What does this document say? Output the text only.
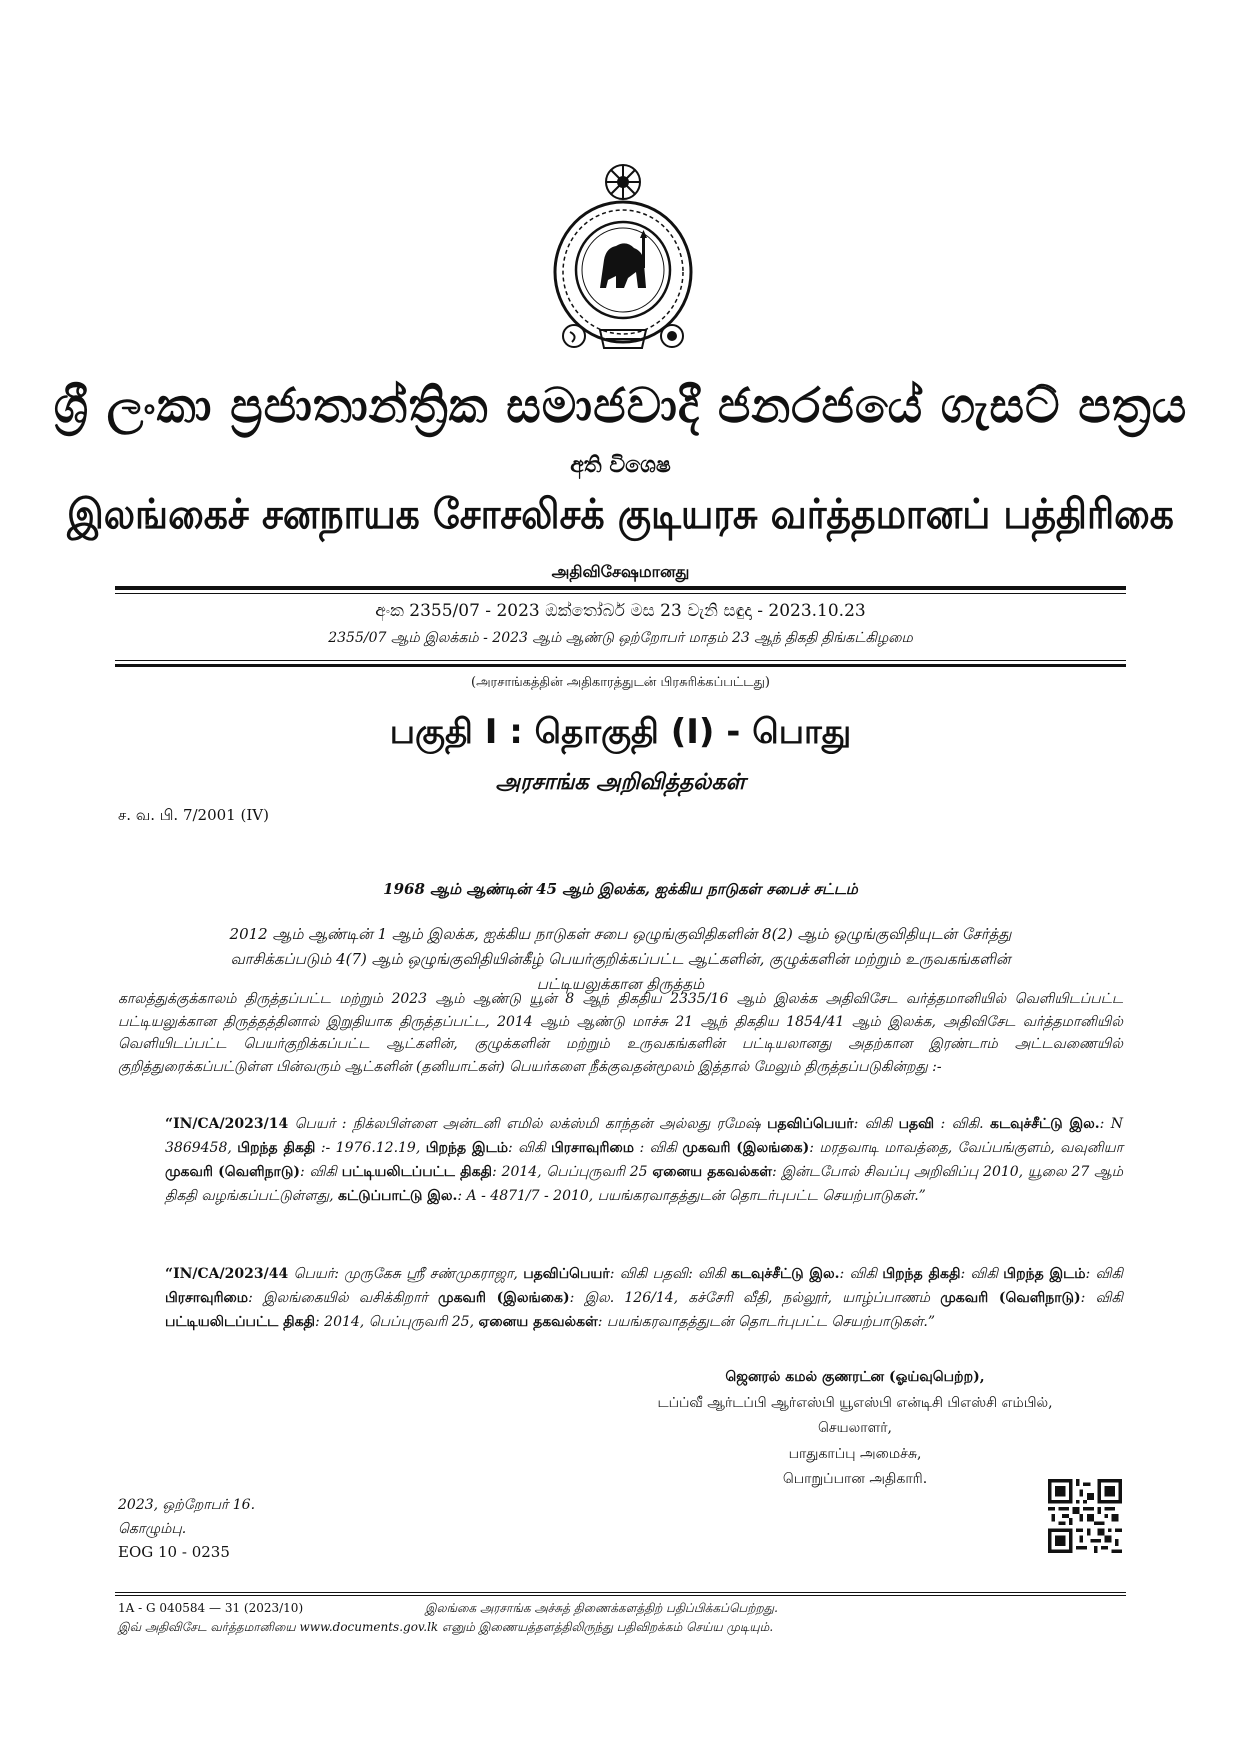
ශ්‍රී ලංකා ප්‍රජාතාන්ත්‍රික සමාජවාදී ජනරජයේ ගැසට් පත්‍රය
අති විශෙෂ
இலங்கைச் சனநாயக சோசலிசக் குடியரசு வர்த்தமானப் பத்திரிகை
அதிவிசேஷமானது
අංක 2355/07 - 2023 ඔක්තෝබර් මස 23 වැනි සඳුදා - 2023.10.23
2355/07 ஆம் இலக்கம் - 2023 ஆம் ஆண்டு ஒற்றோபர் மாதம் 23 ஆந் திகதி திங்கட்கிழமை
(அரசாங்கத்தின் அதிகாரத்துடன் பிரசுரிக்கப்பட்டது)
பகுதி I : தொகுதி (I) - பொது
அரசாங்க அறிவித்தல்கள்
ச. வ. பி. 7/2001 (IV)
1968 ஆம் ஆண்டின் 45 ஆம் இலக்க, ஐக்கிய நாடுகள் சபைச் சட்டம்
2012 ஆம் ஆண்டின் 1 ஆம் இலக்க, ஐக்கிய நாடுகள் சபை ஒழுங்குவிதிகளின் 8(2) ஆம் ஒழுங்குவிதியுடன் சேர்த்து வாசிக்கப்படும் 4(7) ஆம் ஒழுங்குவிதியின்கீழ் பெயர்குறிக்கப்பட்ட ஆட்களின், குழுக்களின் மற்றும் உருவகங்களின் பட்டியலுக்கான திருத்தம்
காலத்துக்குக்காலம் திருத்தப்பட்ட மற்றும் 2023 ஆம் ஆண்டு யூன் 8 ஆந் திகதிய 2335/16 ஆம் இலக்க அதிவிசேட வர்த்தமானியில் வெளியிடப்பட்ட பட்டியலுக்கான திருத்தத்தினால் இறுதியாக திருத்தப்பட்ட, 2014 ஆம் ஆண்டு மாச்சு 21 ஆந் திகதிய 1854/41 ஆம் இலக்க, அதிவிசேட வர்த்தமானியில் வெளியிடப்பட்ட பெயர்குறிக்கப்பட்ட ஆட்களின், குழுக்களின் மற்றும் உருவகங்களின் பட்டியலானது அதற்கான இரண்டாம் அட்டவணையில் குறித்துரைக்கப்பட்டுள்ள பின்வரும் ஆட்களின் (தனியாட்கள்) பெயர்களை நீக்குவதன்மூலம் இத்தால் மேலும் திருத்தப்படுகின்றது :-
“IN/CA/2023/14 பெயர் : நிக்லபிள்ளை அன்டனி எமில் லக்ஸ்மி காந்தன் அல்லது ரமேஷ் பதவிப்பெயர்: விகி பதவி : விகி. கடவுச்சீட்டு இல.: N 3869458, பிறந்த திகதி :- 1976.12.19, பிறந்த இடம்: விகி பிரசாவுரிமை : விகி முகவரி (இலங்கை): மரதவாடி மாவத்தை, வேப்பங்குளம், வவுனியா முகவரி (வெளிநாடு): விகி பட்டியலிடப்பட்ட திகதி: 2014, பெப்புருவரி 25 ஏனைய தகவல்கள்: இன்டபோல் சிவப்பு அறிவிப்பு 2010, யூலை 27 ஆம் திகதி வழங்கப்பட்டுள்ளது, கட்டுப்பாட்டு இல.: A - 4871/7 - 2010, பயங்கரவாதத்துடன் தொடர்புபட்ட செயற்பாடுகள்.”
“IN/CA/2023/44 பெயர்: முருகேசு ஸ்ரீ சண்முகராஜா, பதவிப்பெயர்: விகி பதவி: விகி கடவுச்சீட்டு இல.: விகி பிறந்த திகதி: விகி பிறந்த இடம்: விகி பிரசாவுரிமை: இலங்கையில் வசிக்கிறார் முகவரி (இலங்கை): இல. 126/14, கச்சேரி வீதி, நல்லூர், யாழ்ப்பாணம் முகவரி (வெளிநாடு): விகி பட்டியலிடப்பட்ட திகதி: 2014, பெப்புருவரி 25, ஏனைய தகவல்கள்: பயங்கரவாதத்துடன் தொடர்புபட்ட செயற்பாடுகள்.”
ஜெனரல் கமல் குணரட்ன (ஓய்வுபெற்ற),
டப்ப்வீ ஆர்டப்பி ஆர்எஸ்பி யூஎஸ்பி என்டிசி பிஎஸ்சி எம்பில்,
செயலாளர்,
பாதுகாப்பு அமைச்சு,
பொறுப்பான அதிகாரி.
2023, ஒற்றோபர் 16.
கொழும்பு.
EOG 10 - 0235
1A - G 040584 — 31 (2023/10)	இலங்கை அரசாங்க அச்சுத் திணைக்களத்திற் பதிப்பிக்கப்பெற்றது.
இவ் அதிவிசேட வர்த்தமானியை www.documents.gov.lk எனும் இணையத்தளத்திலிருந்து பதிவிறக்கம் செய்ய முடியும்.
